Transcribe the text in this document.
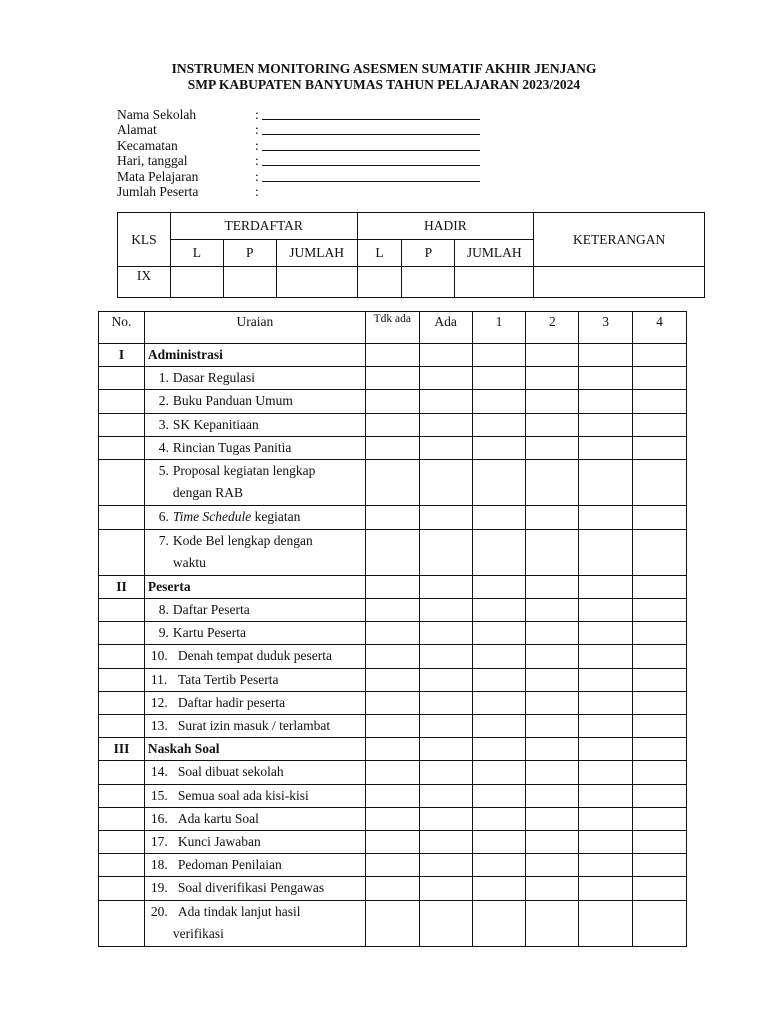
INSTRUMEN MONITORING ASESMEN SUMATIF AKHIR JENJANG
SMP KABUPATEN BANYUMAS TAHUN PELAJARAN 2023/2024
Nama Sekolah	:
Alamat	:
Kecamatan	:
Hari, tanggal	:
Mata Pelajaran	:
Jumlah Peserta	:
KLS	TERDAFTAR			HADIR			KETERANGAN
	L	P	JUMLAH	L	P	JUMLAH	
IX							
No.	Uraian	Tdk ada	Ada	1	2	3	4
I	Administrasi						
	1. Dasar Regulasi						
	2. Buku Panduan Umum						
	3. SK Kepanitiaan						
	4. Rincian Tugas Panitia						
	5. Proposal kegiatan lengkap
dengan RAB						

	6. Time Schedule kegiatan						
	7. Kode Bel lengkap dengan
waktu						

II	Peserta						
	8. Daftar Peserta						
	9. Kartu Peserta						
	10. Denah tempat duduk peserta						
	11. Tata Tertib Peserta						
	12. Daftar hadir peserta						
	13. Surat izin masuk / terlambat						
III	Naskah Soal						
	14. Soal dibuat sekolah						
	15. Semua soal ada kisi-kisi						
	16. Ada kartu Soal						
	17. Kunci Jawaban						
	18. Pedoman Penilaian						
	19. Soal diverifikasi Pengawas						
	20. Ada tindak lanjut hasil
verifikasi						
